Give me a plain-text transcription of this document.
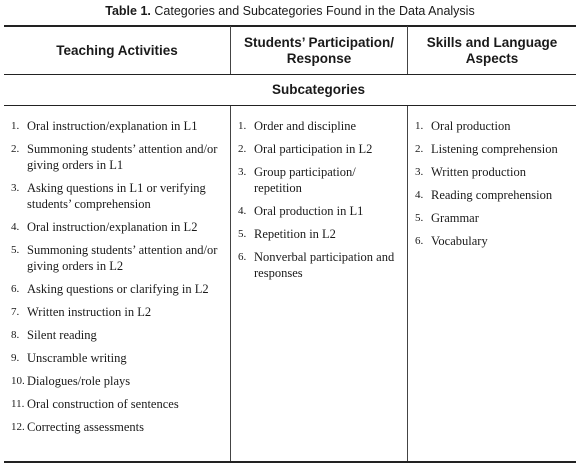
Table 1. Categories and Subcategories Found in the Data Analysis
Teaching Activities
Students’ Participation/ Response
Skills and Language Aspects
Subcategories
1. Oral instruction/explanation in L1
2. Summoning students’ attention and/or giving orders in L1
3. Asking questions in L1 or verifying students’ comprehension
4. Oral instruction/explanation in L2
5. Summoning students’ attention and/or giving orders in L2
6. Asking questions or clarifying in L2
7. Written instruction in L2
8. Silent reading
9. Unscramble writing
10. Dialogues/role plays
11. Oral construction of sentences
12. Correcting assessments
1. Order and discipline
2. Oral participation in L2
3. Group participation/ repetition
4. Oral production in L1
5. Repetition in L2
6. Nonverbal participation and responses
1. Oral production
2. Listening comprehension
3. Written production
4. Reading comprehension
5. Grammar
6. Vocabulary
